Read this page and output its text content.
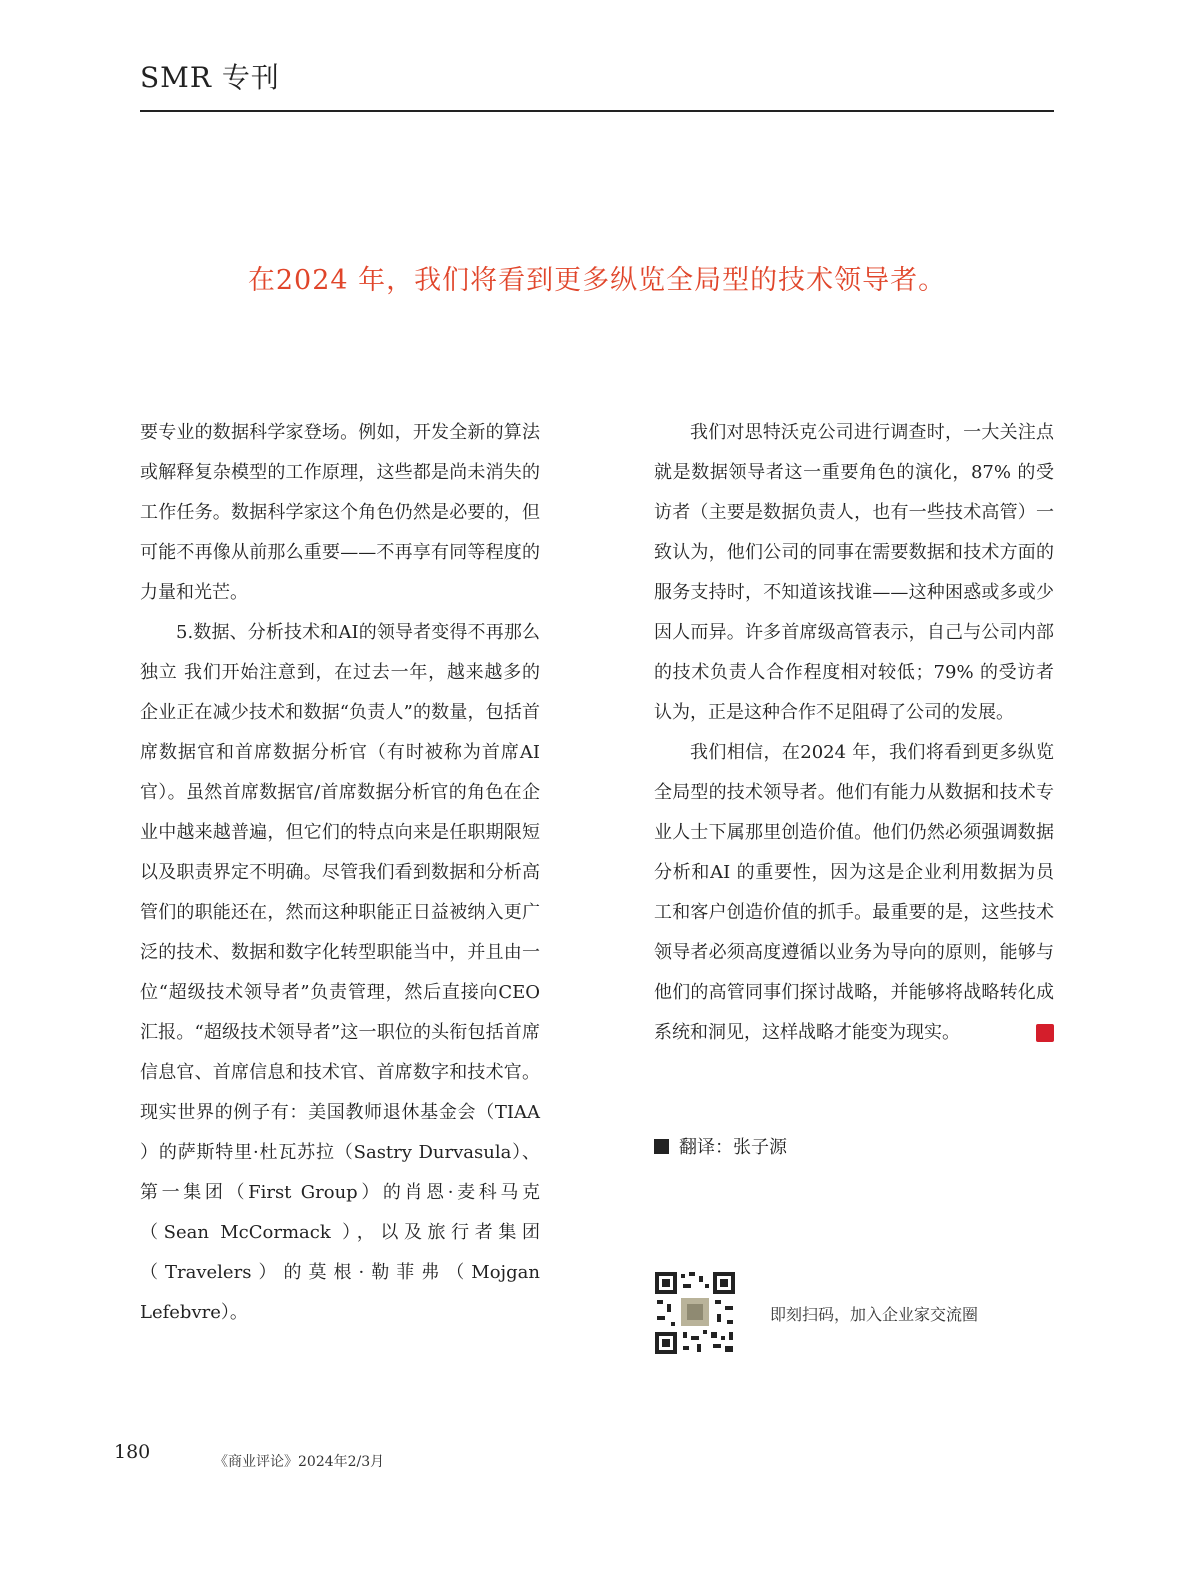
SMR 专刊
在2024 年，我们将看到更多纵览全局型的技术领导者。

要专业的数据科学家登场。例如，开发全新的算法或解释复杂模型的工作原理，这些都是尚未消失的工作任务。数据科学家这个角色仍然是必要的，但可能不再像从前那么重要——不再享有同等程度的力量和光芒。

5.数据、分析技术和AI的领导者变得不再那么独立 我们开始注意到，在过去一年，越来越多的企业正在减少技术和数据“负责人”的数量，包括首席数据官和首席数据分析官（有时被称为首席AI 官）。虽然首席数据官/首席数据分析官的角色在企业中越来越普遍，但它们的特点向来是任职期限短以及职责界定不明确。尽管我们看到数据和分析高管们的职能还在，然而这种职能正日益被纳入更广泛的技术、数据和数字化转型职能当中，并且由一位“超级技术领导者”负责管理，然后直接向CEO 汇报。“超级技术领导者”这一职位的头衔包括首席信息官、首席信息和技术官、首席数字和技术官。现实世界的例子有：美国教师退休基金会（TIAA ）的萨斯特里·杜瓦苏拉（Sastry Durvasula）、第一集团（First Group）的肖恩·麦科马克（Sean McCormack ），以及旅行者集团（Travelers）的莫根·勒菲弗（Mojgan Lefebvre）。

我们对思特沃克公司进行调查时，一大关注点就是数据领导者这一重要角色的演化，87% 的受访者（主要是数据负责人，也有一些技术高管）一致认为，他们公司的同事在需要数据和技术方面的服务支持时，不知道该找谁——这种困惑或多或少因人而异。许多首席级高管表示，自己与公司内部的技术负责人合作程度相对较低；79% 的受访者认为，正是这种合作不足阻碍了公司的发展。

我们相信，在2024 年，我们将看到更多纵览全局型的技术领导者。他们有能力从数据和技术专业人士下属那里创造价值。他们仍然必须强调数据分析和AI 的重要性，因为这是企业利用数据为员工和客户创造价值的抓手。最重要的是，这些技术领导者必须高度遵循以业务为导向的原则，能够与他们的高管同事们探讨战略，并能够将战略转化成系统和洞见，这样战略才能变为现实。

翻译：张子源
即刻扫码，加入企业家交流圈
180	《商业评论》2024年2/3月
